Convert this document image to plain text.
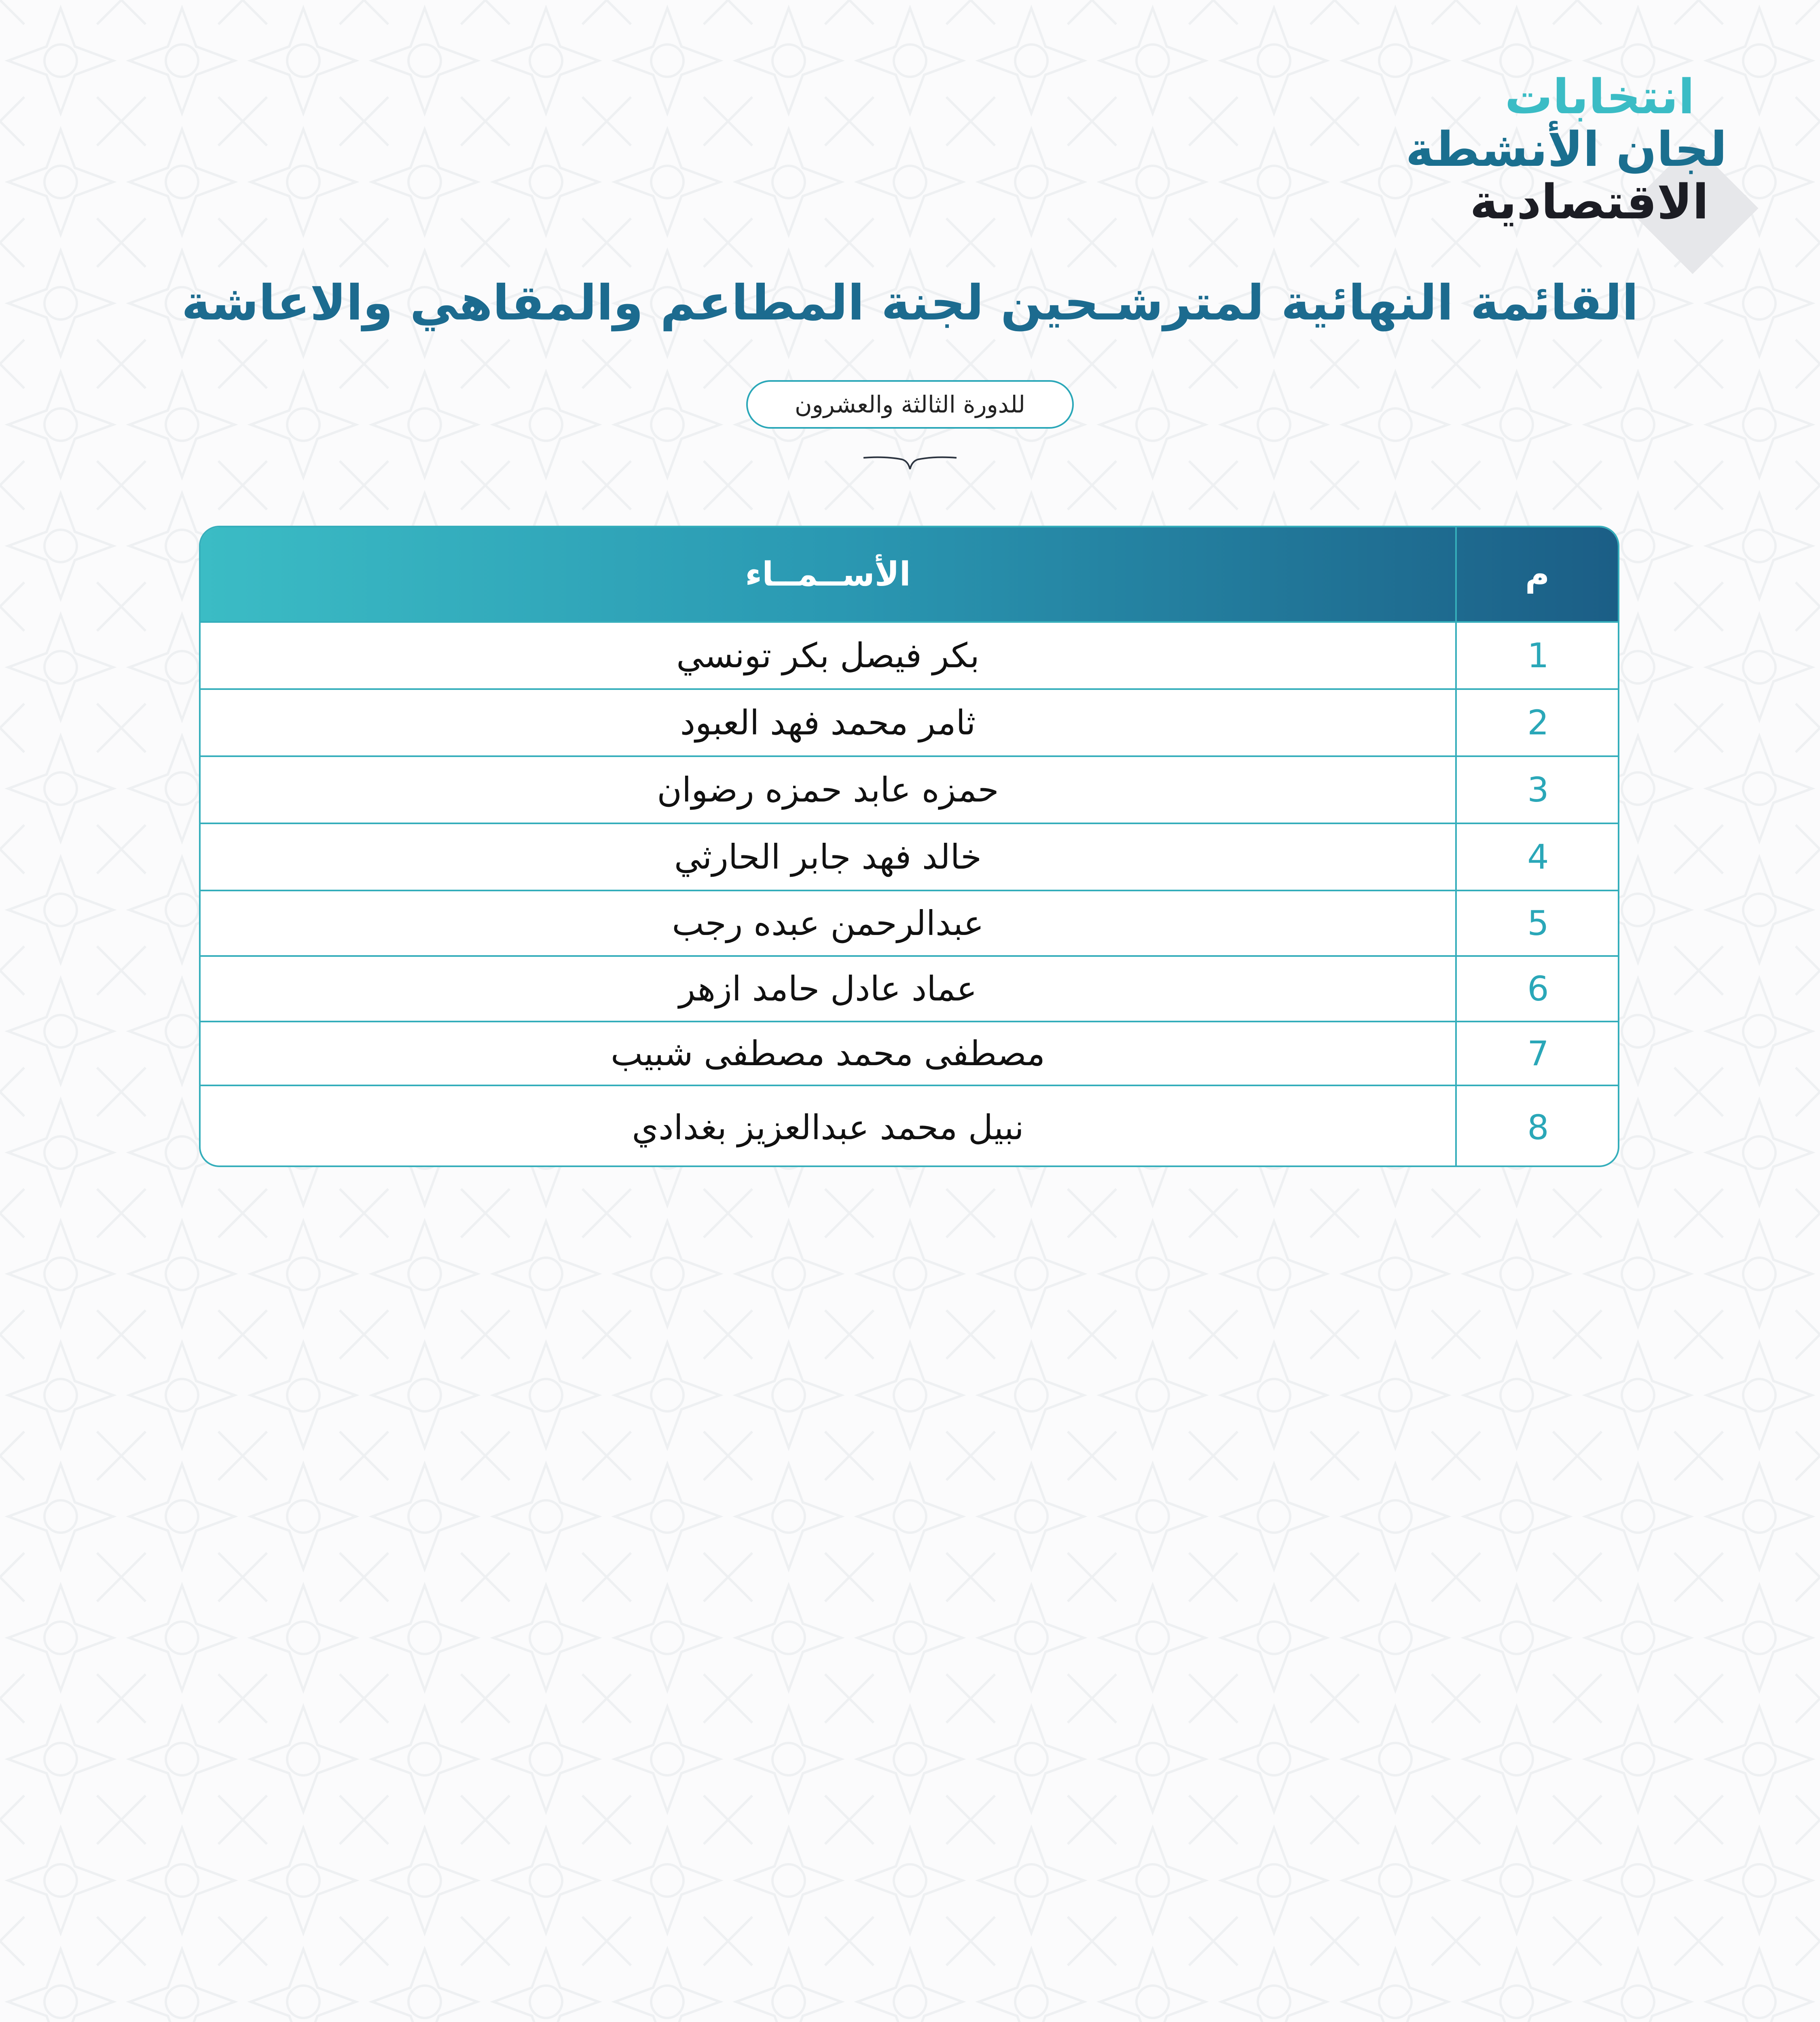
انتخابات
لجان الأنشطة
الاقتصادية
القائمة النهائية لمترشـحين لجنة المطاعم والمقاهي والاعاشة
للدورة الثالثة والعشرون
الأســمــاء	م
بكر فيصل بكر تونسي	1
ثامر محمد فهد العبود	2
حمزه عابد حمزه رضوان	3
خالد فهد جابر الحارثي	4
عبدالرحمن عبده رجب	5
عماد عادل حامد ازهر	6
مصطفى محمد مصطفى شبيب	7
نبيل محمد عبدالعزيز بغدادي	8
